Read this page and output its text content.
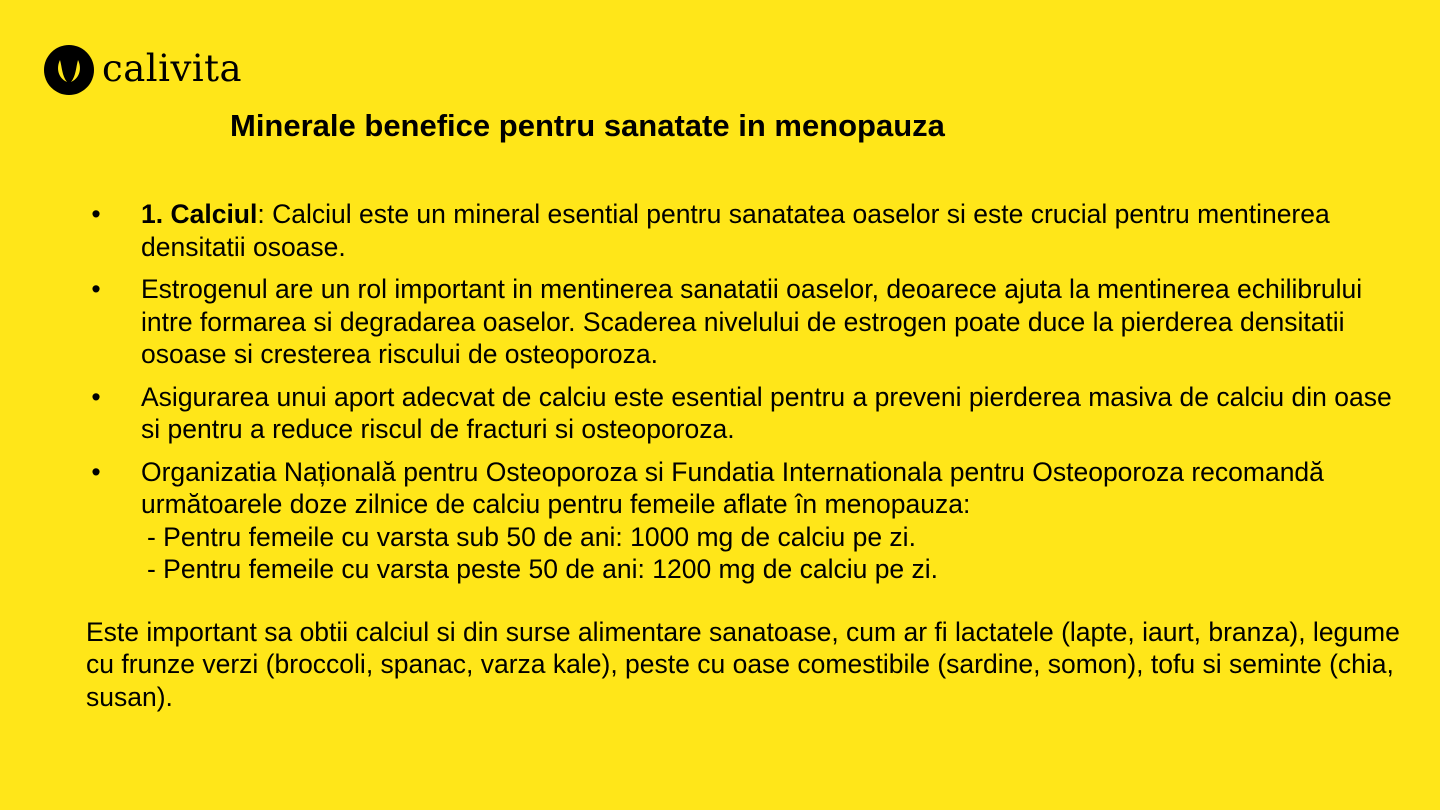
calivita
Minerale benefice pentru sanatate in menopauza
• 1. Calciul: Calciul este un mineral esential pentru sanatatea oaselor si este crucial pentru mentinerea densitatii osoase.
• Estrogenul are un rol important in mentinerea sanatatii oaselor, deoarece ajuta la mentinerea echilibrului intre formarea si degradarea oaselor. Scaderea nivelului de estrogen poate duce la pierderea densitatii osoase si cresterea riscului de osteoporoza.
• Asigurarea unui aport adecvat de calciu este esential pentru a preveni pierderea masiva de calciu din oase si pentru a reduce riscul de fracturi si osteoporoza.
• Organizatia Națională pentru Osteoporoza si Fundatia Internationala pentru Osteoporoza recomandă următoarele doze zilnice de calciu pentru femeile aflate în menopauza:
- Pentru femeile cu varsta sub 50 de ani: 1000 mg de calciu pe zi.
- Pentru femeile cu varsta peste 50 de ani: 1200 mg de calciu pe zi.

Este important sa obtii calciul si din surse alimentare sanatoase, cum ar fi lactatele (lapte, iaurt, branza), legume cu frunze verzi (broccoli, spanac, varza kale), peste cu oase comestibile (sardine, somon), tofu si seminte (chia, susan).
